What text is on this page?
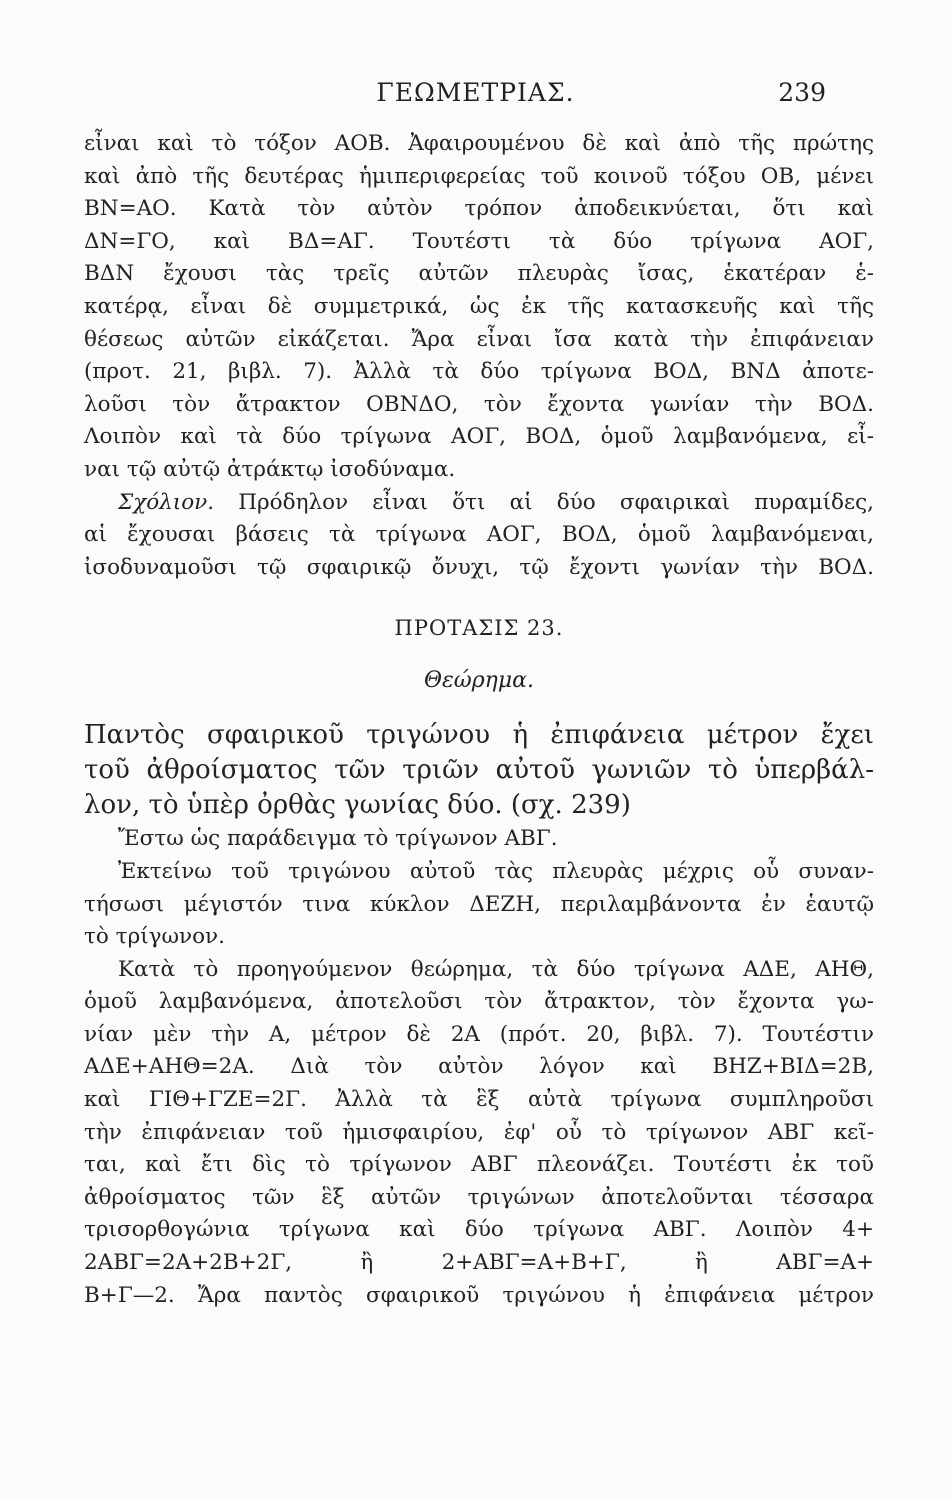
ΓΕΩΜΕΤΡΙΑΣ.	239
εἶναι καὶ τὸ τόξον ΑΟΒ. Ἀφαιρουμένου δὲ καὶ ἀπὸ τῆς πρώτης
καὶ ἀπὸ τῆς δευτέρας ἡμιπεριφερείας τοῦ κοινοῦ τόξου ΟΒ, μένει
ΒΝ=ΑΟ. Κατὰ τὸν αὐτὸν τρόπον ἀποδεικνύεται, ὅτι καὶ
ΔΝ=ΓΟ, καὶ ΒΔ=ΑΓ. Τουτέστι τὰ δύο τρίγωνα ΑΟΓ,
ΒΔΝ ἔχουσι τὰς τρεῖς αὐτῶν πλευρὰς ἴσας, ἑκατέραν ἑ-
κατέρᾳ, εἶναι δὲ συμμετρικά, ὡς ἐκ τῆς κατασκευῆς καὶ τῆς
θέσεως αὐτῶν εἰκάζεται. Ἄρα εἶναι ἴσα κατὰ τὴν ἐπιφάνειαν
(προτ. 21, βιβλ. 7). Ἀλλὰ τὰ δύο τρίγωνα ΒΟΔ, ΒΝΔ ἀποτε-
λοῦσι τὸν ἄτρακτον ΟΒΝΔΟ, τὸν ἔχοντα γωνίαν τὴν ΒΟΔ.
Λοιπὸν καὶ τὰ δύο τρίγωνα ΑΟΓ, ΒΟΔ, ὁμοῦ λαμβανόμενα, εἶ-
ναι τῷ αὐτῷ ἀτράκτῳ ἰσοδύναμα.
Σχόλιον. Πρόδηλον εἶναι ὅτι αἱ δύο σφαιρικαὶ πυραμίδες,
αἱ ἔχουσαι βάσεις τὰ τρίγωνα ΑΟΓ, ΒΟΔ, ὁμοῦ λαμβανόμεναι,
ἰσοδυναμοῦσι τῷ σφαιρικῷ ὄνυχι, τῷ ἔχοντι γωνίαν τὴν ΒΟΔ.
ΠΡΟΤΑΣΙΣ 23.
Θεώρημα.
Παντὸς σφαιρικοῦ τριγώνου ἡ ἐπιφάνεια μέτρον ἔχει
τοῦ ἀθροίσματος τῶν τριῶν αὐτοῦ γωνιῶν τὸ ὑπερβάλ-
λον, τὸ ὑπὲρ ὀρθὰς γωνίας δύο. (σχ. 239)
Ἔστω ὡς παράδειγμα τὸ τρίγωνον ΑΒΓ.
Ἐκτείνω τοῦ τριγώνου αὐτοῦ τὰς πλευρὰς μέχρις οὗ συναν-
τήσωσι μέγιστόν τινα κύκλον ΔΕΖΗ, περιλαμβάνοντα ἐν ἑαυτῷ
τὸ τρίγωνον.
Κατὰ τὸ προηγούμενον θεώρημα, τὰ δύο τρίγωνα ΑΔΕ, ΑΗΘ,
ὁμοῦ λαμβανόμενα, ἀποτελοῦσι τὸν ἄτρακτον, τὸν ἔχοντα γω-
νίαν μὲν τὴν Α, μέτρον δὲ 2Α (πρότ. 20, βιβλ. 7). Τουτέστιν
ΑΔΕ+ΑΗΘ=2Α. Διὰ τὸν αὐτὸν λόγον καὶ ΒΗΖ+ΒΙΔ=2Β,
καὶ ΓΙΘ+ΓΖΕ=2Γ. Ἀλλὰ τὰ ἓξ αὐτὰ τρίγωνα συμπληροῦσι
τὴν ἐπιφάνειαν τοῦ ἡμισφαιρίου, ἐφ' οὗ τὸ τρίγωνον ΑΒΓ κεῖ-
ται, καὶ ἔτι δὶς τὸ τρίγωνον ΑΒΓ πλεονάζει. Τουτέστι ἐκ τοῦ
ἀθροίσματος τῶν ἓξ αὐτῶν τριγώνων ἀποτελοῦνται τέσσαρα
τρισορθογώνια τρίγωνα καὶ δύο τρίγωνα ΑΒΓ. Λοιπὸν 4+
2ΑΒΓ=2Α+2Β+2Γ, ἢ 2+ΑΒΓ=Α+Β+Γ, ἢ ΑΒΓ=Α+
Β+Γ—2. Ἄρα παντὸς σφαιρικοῦ τριγώνου ἡ ἐπιφάνεια μέτρον
